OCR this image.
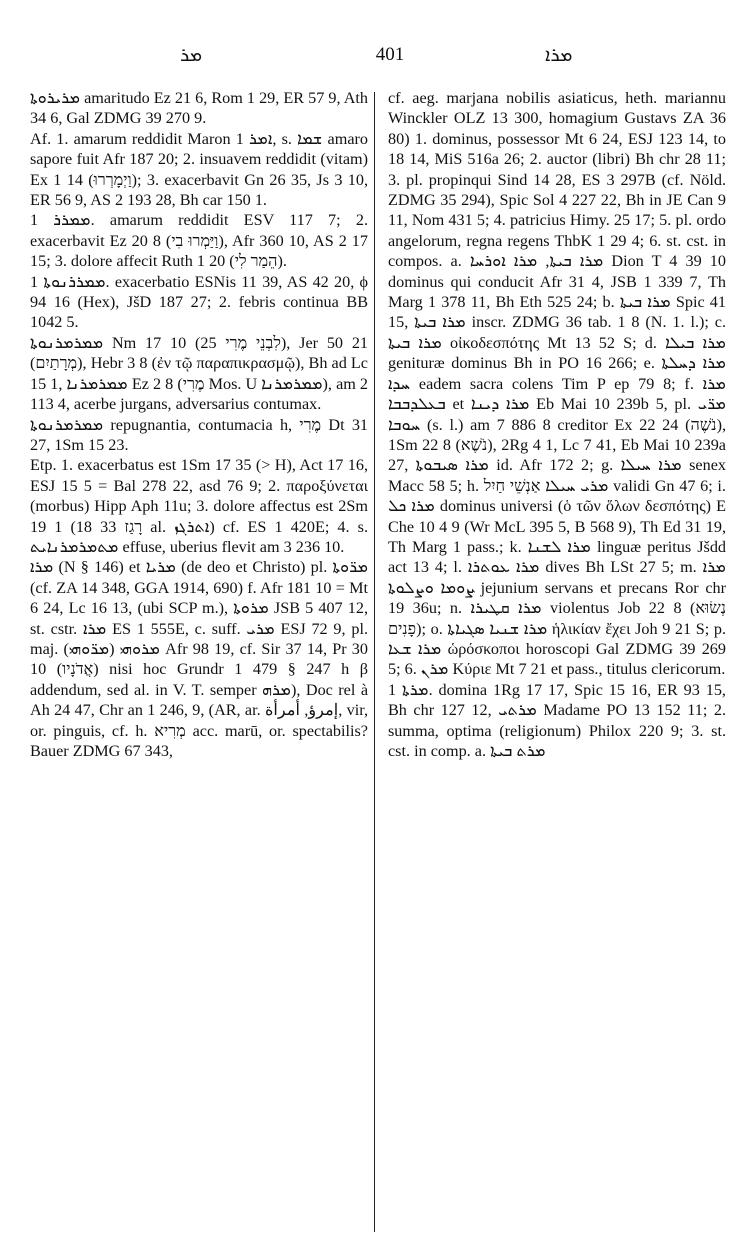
ܡܪ	401	ܡܪܐ

ܡܪܝܪܘܬܐ amaritudo Ez 21 6, Rom 1 29, ER 57 9, Ath 34 6, Gal ZDMG 39 270 9.

Af. 1. amarum reddidit Maron ܐܡܪ 1, s. ܫܡܐ amaro sapore fuit Afr 187 20; 2. insuavem reddidit (vitam) Ex 1 14 (וַיְמָרְרוּ); 3. exacerbavit Gn 26 35, Js 3 10, ER 56 9, AS 2 193 28, Bh car 150 1.

ܡܡܪܪ 1. amarum reddidit ESV 117 7; 2. exacerbavit Ez 20 8 (וַיַּמְרוּ בִי), Afr 360 10, AS 2 17 15; 3. dolore affecit Ruth 1 20 (הֵמַר לִי).

ܡܡܪܪܢܘܬܐ 1. exacerbatio ESNis 11 39, AS 42 20, ϕ 94 16 (Hex), JšD 187 27; 2. febris continua BB 1042 5.

ܡܡܪܡܪܢܘܬܐ Nm 17 10 (לִבְנֵי מֶרִי 25), Jer 50 21 (מְרָתַיִם), Hebr 3 8 (ἐν τῷ παραπικρασμῷ), Bh ad Lc 15 1, ܡܡܪܡܪܢܐ Ez 2 8 (מֶרִי Mos. U ܡܡܪܡܪܢܐ), am 2 113 4, acerbe jurgans, adversarius contumax.

ܡܡܪܡܪܢܘܬܐ repugnantia, contumacia h, מֶרִי Dt 31 27, 1Sm 15 23.

Etp. 1. exacerbatus est 1Sm 17 35 (> H), Act 17 16, ESJ 15 5 = Bal 278 22, asd 76 9; 2. παροξύνεται (morbus) Hipp Aph 11u; 3. dolore affectus est 2Sm 19 1 (18 33 רָגַז al. ܐܬܪܓܙ) cf. ES 1 420E; 4. s. ܡܬܡܪܡܪܢܐܝܬ effuse, uberius flevit am 3 236 10.

ܡܪܐ (N § 146) et ܡܪܝܐ (de deo et Christo) pl. ܡܪ̈ܘܬܐ (cf. ZA 14 348, GGA 1914, 690) f. Afr 181 10 = Mt 6 24, Lc 16 13, (ubi SCP m.), ܡܪܘܬܐ JSB 5 407 12, st. cstr. ܡܪܐ ES 1 555E, c. suff. ܡܪܝ ESJ 72 9, pl. maj. (ܡܪ̈ܘܗܝ) ܡܪܘܗܝ Afr 98 19, cf. Sir 37 14, Pr 30 10 (אֲדֹנָיו) nisi hoc Grundr 1 479 § 247 h β addendum, sed al. in V. T. semper ܡܪܗ), Doc rel à Ah 24 47, Chr an 1 246, 9, (AR, ar. إمرؤ, أمرأة, vir, or. pinguis, cf. h. מְרִיא acc. marū, or. spectabilis? Bauer ZDMG 67 343,

cf. aeg. marjana nobilis asiaticus, heth. mariannu Winckler OLZ 13 300, homagium Gustavs ZA 36 80) 1. dominus, possessor Mt 6 24, ESJ 123 14, to 18 14, MiS 516a 26; 2. auctor (libri) Bh chr 28 11; 3. pl. propinqui Sind 14 28, ES 3 297B (cf. Nöld. ZDMG 35 294), Spic Sol 4 227 22, Bh in JE Can 9 11, Nom 431 5; 4. patricius Himy. 25 17; 5. pl. ordo angelorum, regna regens ThbK 1 29 4; 6. st. cst. in compos. a. ܡܪܐ ܒܝܬܐ, ܡܪܐ ܐܘܪܚܐ Dion T 4 39 10 dominus qui conducit Afr 31 4, JSB 1 339 7, Th Marg 1 378 11, Bh Eth 525 24; b. ܡܪܐ ܒܝܬܐ Spic 41 15, ܡܪܐ ܒܝܬܐ inscr. ZDMG 36 tab. 1 8 (N. 1. l.); c. ܡܪܐ ܒܝܬܐ οἰκοδεσπότης Mt 13 52 S; d. ܡܪܐ ܒܝܠܐ genituræ dominus Bh in PO 16 266; e. ܡܪܐ ܕܚܠܬܐ ܚܕܐ eadem sacra colens Tim P ep 79 8; f. ܡܪܐ ܒܥܠܕܒܒܐ et ܡܪܐ ܕܝܢܐ Eb Mai 10 239b 5, pl. ܡܪ̈ܝ ܚܘܒܐ (s. l.) am 7 886 8 creditor Ex 22 24 (נֹשֶׁה), 1Sm 22 8 (נֹשֶׁא), 2Rg 4 1, Lc 7 41, Eb Mai 10 239a 27, ܡܪܐ ܣܝܒܘܬܐ id. Afr 172 2; g. ܡܪܐ ܚܝܠܐ senex Macc 58 5; h. ܡܪܝ ܚܝܠܐ אַנְשֵׁי חַיִל validi Gn 47 6; i. ܡܪܐ ܟܠ dominus universi (ὁ τῶν ὅλων δεσπότης) E Che 10 4 9 (Wr McL 395 5, B 568 9), Th Ed 31 19, Th Marg 1 pass.; k. ܡܪܐ ܠܫܢܐ linguæ peritus Jšdd act 13 4; l. ܡܪܐ ܥܘܬܪܐ dives Bh LSt 27 5; m. ܡܪܐ ܨܘܡܐ ܘܨܠܘܬܐ jejunium servans et precans Ror chr 19 36u; n. ܡܪܐ ܩܛܝܪܐ violentus Job 22 8 (נְשׂוּא פָנִים); o. ܡܪܐ ܫܢܝܐ ܣܓܝܐܬܐ ἡλικίαν ἔχει Joh 9 21 S; p. ܡܪܐ ܫܥܐ ὡρόσκοποι horoscopi Gal ZDMG 39 269 5; 6. ܡܪܢ Κύριε Mt 7 21 et pass., titulus clericorum.

ܡܪܬܐ 1. domina 1Rg 17 17, Spic 15 16, ER 93 15, Bh chr 127 12, ܡܪܬܝ Madame PO 13 152 11; 2. summa, optima (religionum) Philox 220 9; 3. st. cst. in comp. a. ܡܪܬ ܒܝܬܐ
